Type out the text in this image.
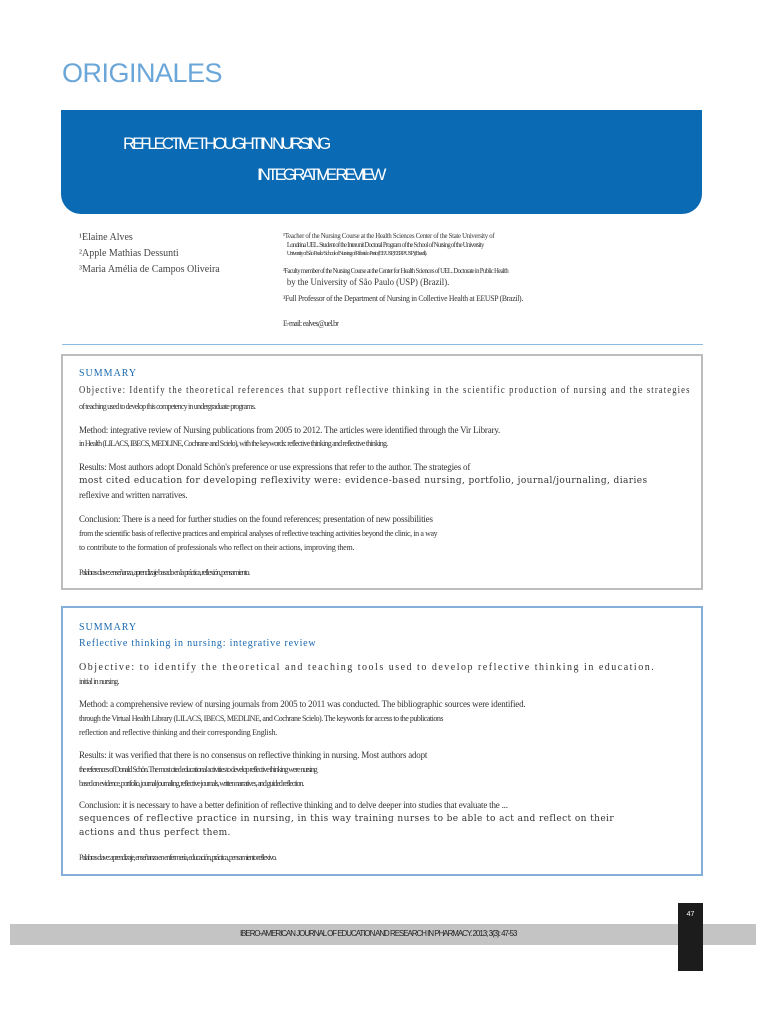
ORIGINALES
REFLECTIVE THOUGHT IN NURSING
INTEGRATIVE REVIEW
¹Elaine Alves
²Apple Mathias Dessunti
³Maria Amélia de Campos Oliveira
¹Teacher of the Nursing Course at the Health Sciences Center of the State University of
Londrina UEL. Student of the Interunit Doctoral Program of the School of Nursing of the University
University of São Paulo/ School of Nursing of Ribeirão Preto (EE/USP, EERP/USP) (Brazil).
²Faculty member of the Nursing Course at the Center for Health Sciences of UEL. Doctorate in Public Health
by the University of São Paulo (USP) (Brazil).
³Full Professor of the Department of Nursing in Collective Health at EEUSP (Brazil).
E-mail: ealves@uel.br
SUMMARY
Objective: Identify the theoretical references that support reflective thinking in the scientific production of nursing and the strategies
of teaching used to develop this competency in undergraduate programs.
Method: integrative review of Nursing publications from 2005 to 2012. The articles were identified through the Vir Library.
in Health (LILACS, IBECS, MEDLINE, Cochrane and Scielo), with the keywords: reflective thinking and reflective thinking.
Results: Most authors adopt Donald Schön's preference or use expressions that refer to the author. The strategies of
most cited education for developing reflexivity were: evidence-based nursing, portfolio, journal/journaling, diaries
reflexive and written narratives.
Conclusion: There is a need for further studies on the found references; presentation of new possibilities
from the scientific basis of reflective practices and empirical analyses of reflective teaching activities beyond the clinic, in a way
to contribute to the formation of professionals who reflect on their actions, improving them.
Palabras clave: enseñanza, aprendizaje basado en la práctica, reflexión, pensamiento.
SUMMARY
Reflective thinking in nursing: integrative review
Objective: to identify the theoretical and teaching tools used to develop reflective thinking in education.
initial in nursing.
Method: a comprehensive review of nursing journals from 2005 to 2011 was conducted. The bibliographic sources were identified.
through the Virtual Health Library (LILACS, IBECS, MEDLINE, and Cochrane Scielo). The keywords for access to the publications
reflection and reflective thinking and their corresponding English.
Results: it was verified that there is no consensus on reflective thinking in nursing. Most authors adopt
the references of Donald Schön. The most cited educational activities to develop reflective thinking were nursing
based on evidence, portfolio, journal/journaling, reflective journals, written narratives, and guided reflection.
Conclusion: it is necessary to have a better definition of reflective thinking and to delve deeper into studies that evaluate the ...
sequences of reflective practice in nursing, in this way training nurses to be able to act and reflect on their
actions and thus perfect them.
Palabras clave: aprendizaje, enseñanza en enfermería, educación, práctica, pensamiento reflexivo.
IBERO-AMERICAN JOURNAL OF EDUCATION AND RESEARCH IN PHARMACY. 2013; 3(3): 47-53
47
